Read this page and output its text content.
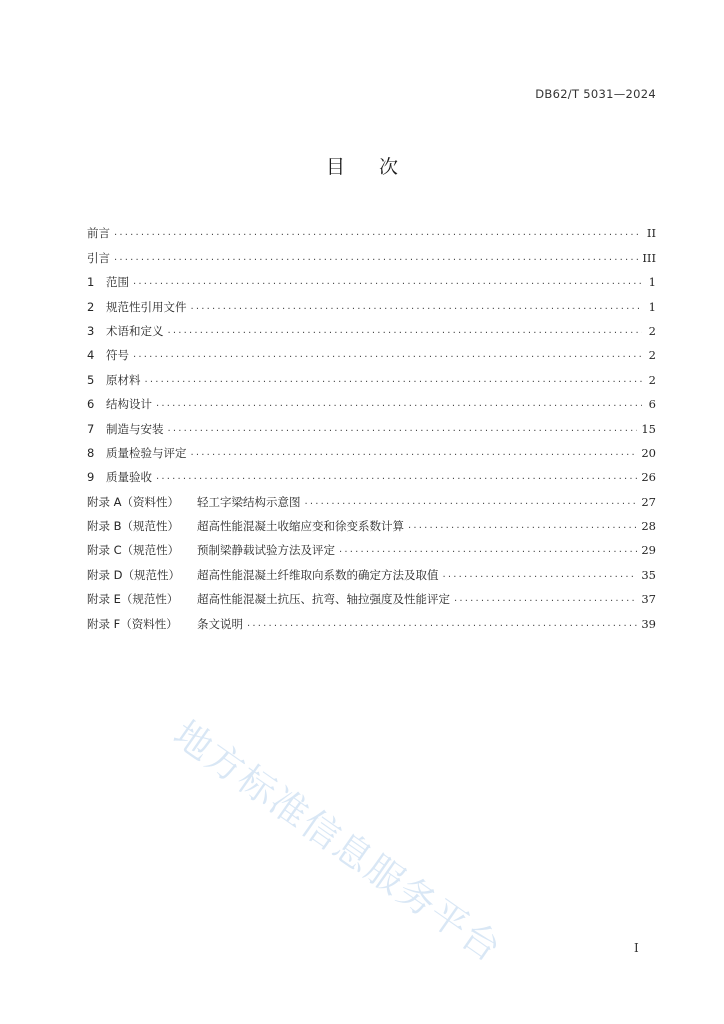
DB62/T 5031—2024
目次
前言 .....	II
引言 .....	III
1	范围 .....	1
2	规范性引用文件 .....	1
3	术语和定义 .....	2
4	符号 .....	2
5	原材料 .....	2
6	结构设计 .....	6
7	制造与安装 .....	15
8	质量检验与评定 .....	20
9	质量验收 .....	26
附录 A（资料性） 轻工字梁结构示意图 .....	27
附录 B（规范性） 超高性能混凝土收缩应变和徐变系数计算 .....	28
附录 C（规范性） 预制梁静载试验方法及评定 .....	29
附录 D（规范性） 超高性能混凝土纤维取向系数的确定方法及取值 .....	35
附录 E（规范性） 超高性能混凝土抗压、抗弯、轴拉强度及性能评定 .....	37
附录 F（资料性） 条文说明 .....	39
地方标准信息服务平台	I
